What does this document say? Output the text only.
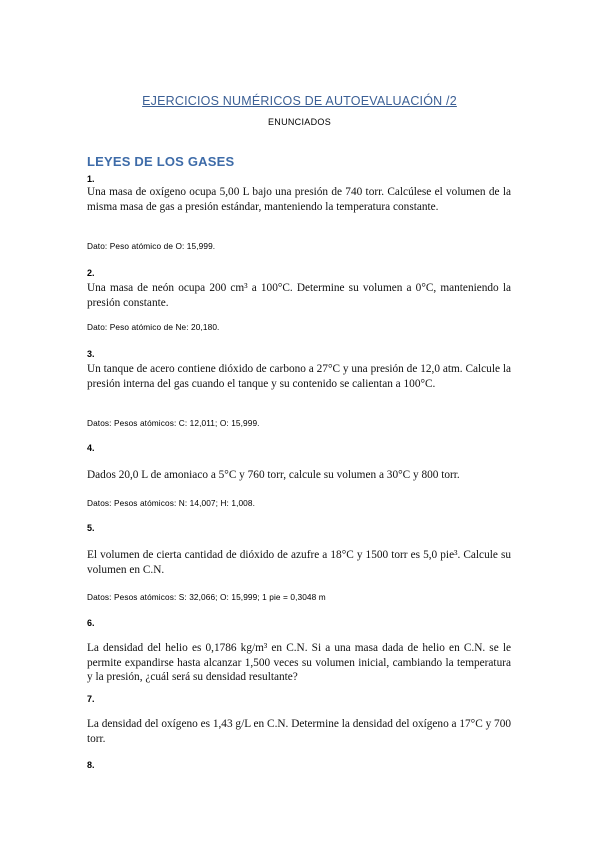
EJERCICIOS NUMÉRICOS DE AUTOEVALUACIÓN /2
ENUNCIADOS
LEYES DE LOS GASES
1.
Una masa de oxígeno ocupa 5,00 L bajo una presión de 740 torr. Calcúlese el volumen de la misma masa de gas a presión estándar, manteniendo la temperatura constante.
Dato: Peso atómico de O: 15,999.
2.
Una masa de neón ocupa 200 cm³ a 100°C. Determine su volumen a 0°C, manteniendo la presión constante.
Dato: Peso atómico de Ne: 20,180.
3.
Un tanque de acero contiene dióxido de carbono a 27°C y una presión de 12,0 atm. Calcule la presión interna del gas cuando el tanque y su contenido se calientan a 100°C.
Datos: Pesos atómicos: C: 12,011; O: 15,999.
4.
Dados 20,0 L de amoniaco a 5°C y 760 torr, calcule su volumen a 30°C y 800 torr.
Datos: Pesos atómicos: N: 14,007; H: 1,008.
5.
El volumen de cierta cantidad de dióxido de azufre a 18°C y 1500 torr es 5,0 pie³. Calcule su volumen en C.N.
Datos: Pesos atómicos: S: 32,066; O: 15,999; 1 pie = 0,3048 m
6.
La densidad del helio es 0,1786 kg/m³ en C.N. Si a una masa dada de helio en C.N. se le permite expandirse hasta alcanzar 1,500 veces su volumen inicial, cambiando la temperatura y la presión, ¿cuál será su densidad resultante?
7.
La densidad del oxígeno es 1,43 g/L en C.N. Determine la densidad del oxígeno a 17°C y 700 torr.
8.
